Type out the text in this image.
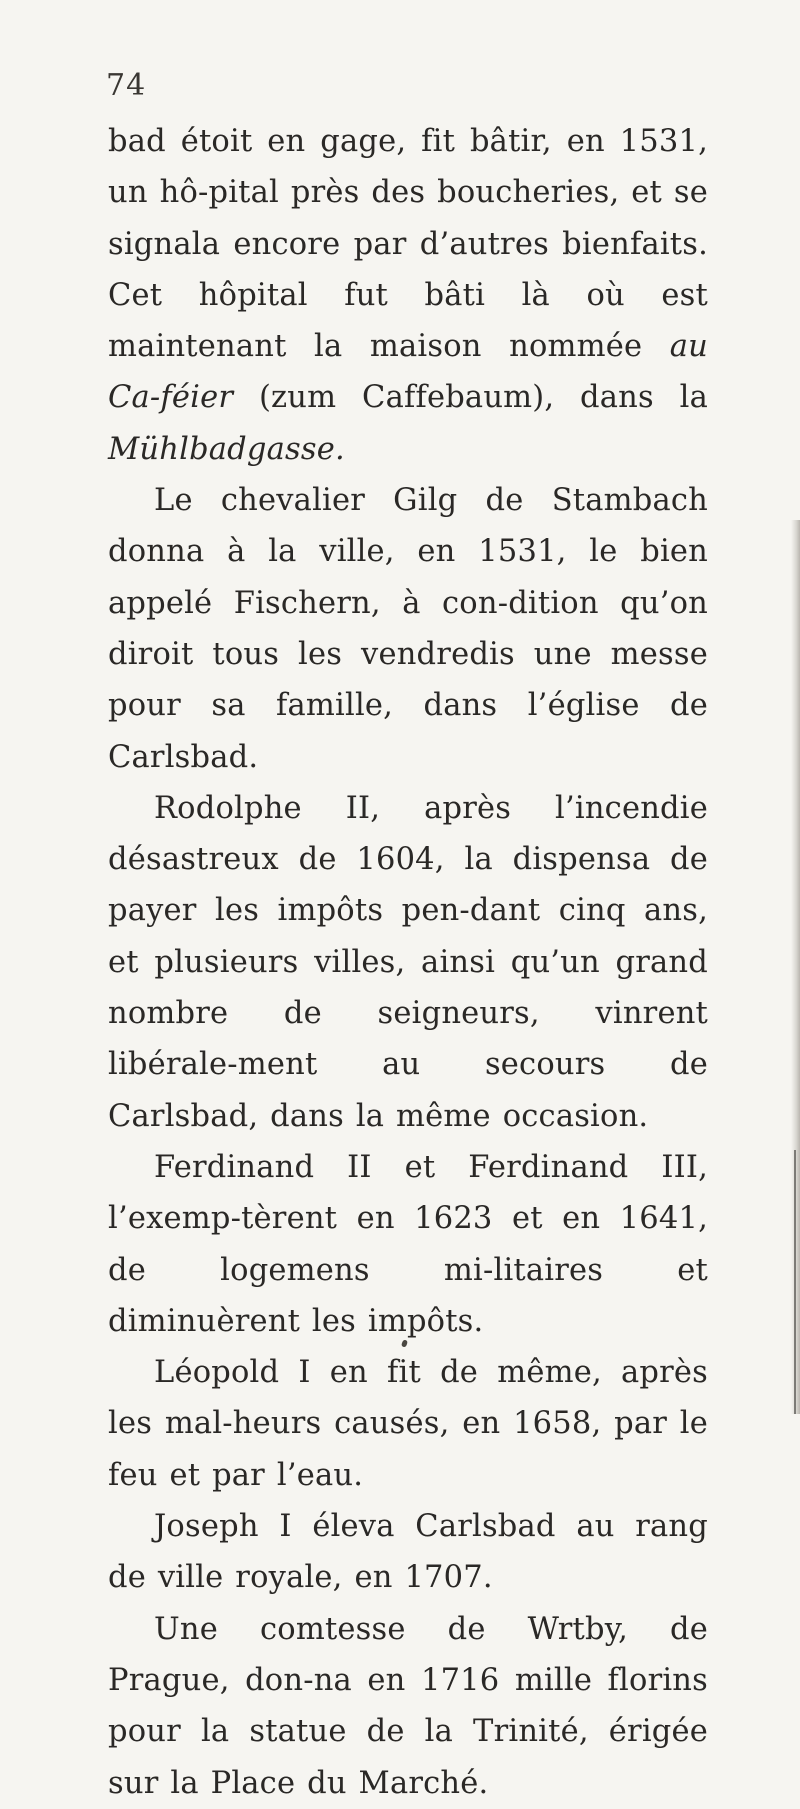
74

bad étoit en gage, fit bâtir, en 1531, un hô-pital près des boucheries, et se signala encore par d’autres bienfaits. Cet hôpital fut bâti là où est maintenant la maison nommée au Ca-féier (zum Caffebaum), dans la Mühlbadgasse.

Le chevalier Gilg de Stambach donna à la ville, en 1531, le bien appelé Fischern, à con-dition qu’on diroit tous les vendredis une messe pour sa famille, dans l’église de Carlsbad.

Rodolphe II, après l’incendie désastreux de 1604, la dispensa de payer les impôts pen-dant cinq ans, et plusieurs villes, ainsi qu’un grand nombre de seigneurs, vinrent libérale-ment au secours de Carlsbad, dans la même occasion.

Ferdinand II et Ferdinand III, l’exemp-tèrent en 1623 et en 1641, de logemens mi-litaires et diminuèrent les impôts.

Léopold I en fit de même, après les mal-heurs causés, en 1658, par le feu et par l’eau.

Joseph I éleva Carlsbad au rang de ville royale, en 1707.

Une comtesse de Wrtby, de Prague, don-na en 1716 mille florins pour la statue de la Trinité, érigée sur la Place du Marché.
